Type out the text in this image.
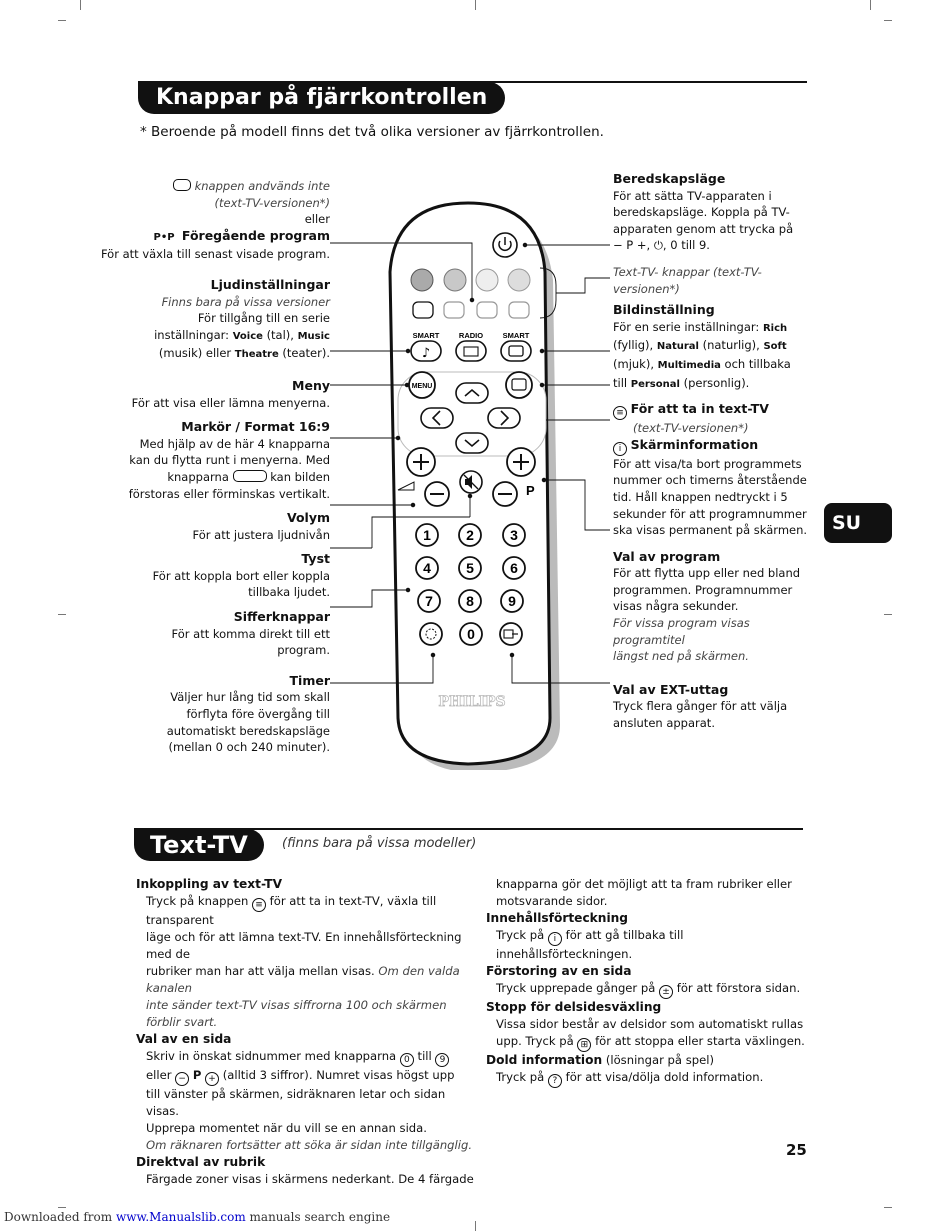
Knappar på fjärrkontrollen
* Beroende på modell finns det två olika versioner av fjärrkontrollen.
knappen andvänds inte
(text-TV-versionen*)
eller
P•P Föregående program
För att växla till senast visade program.
Ljudinställningar
Finns bara på vissa versioner
För tillgång till en serie
inställningar: Voice (tal), Music
(musik) eller Theatre (teater).
Meny
För att visa eller lämna menyerna.
Markör / Format 16:9
Med hjälp av de här 4 knapparna
kan du flytta runt i menyerna. Med
knapparna	kan bilden
förstoras eller förminskas vertikalt.
Volym
För att justera ljudnivån
Tyst
För att koppla bort eller koppla
tillbaka ljudet.
Sifferknappar
För att komma direkt till ett
program.
Timer
Väljer hur lång tid som skall
förflyta före övergång till
automatiskt beredskapsläge
(mellan 0 och 240 minuter).
Beredskapsläge
För att sätta TV-apparaten i
beredskapsläge. Koppla på TV-
apparaten genom att trycka på
− P +, ⏻, 0 till 9.
Text-TV- knappar (text-TV-versionen*)
Bildinställning
För en serie inställningar: Rich
(fyllig), Natural (naturlig), Soft
(mjuk), Multimedia och tillbaka
till Personal (personlig).
≡ För att ta in text-TV
(text-TV-versionen*)
i Skärminformation
För att visa/ta bort programmets
nummer och timerns återstående
tid. Håll knappen nedtryckt i 5
sekunder för att programnummer
ska visas permanent på skärmen.
Val av program
För att flytta upp eller ned bland
programmen. Programnummer
visas några sekunder.
För vissa program visas programtitel
längst ned på skärmen.
Val av EXT-uttag
Tryck flera gånger för att välja
ansluten apparat.
SMART	RADIO	SMART
♪
MENU
P
1	2	3
4	5	6
7 8 9
0
PHILIPS
SU
Text-TV	(finns bara på vissa modeller)
Inkoppling av text-TV
Tryck på knappen ≡ för att ta in text-TV, växla till transparent
läge och för att lämna text-TV. En innehållsförteckning med de
rubriker man har att välja mellan visas. Om den valda kanalen
inte sänder text-TV visas siffrorna 100 och skärmen förblir svart.
Val av en sida
Skriv in önskat sidnummer med knapparna 0 till 9
eller − P + (alltid 3 siffror). Numret visas högst upp
till vänster på skärmen, sidräknaren letar och sidan visas.
Upprepa momentet när du vill se en annan sida.
Om räknaren fortsätter att söka är sidan inte tillgänglig.
Direktval av rubrik
Färgade zoner visas i skärmens nederkant. De 4 färgade
knapparna gör det möjligt att ta fram rubriker eller
motsvarande sidor.
Innehållsförteckning
Tryck på i för att gå tillbaka till innehållsförteckningen.
Förstoring av en sida
Tryck upprepade gånger på ± för att förstora sidan.
Stopp för delsidesväxling
Vissa sidor består av delsidor som automatiskt rullas
upp. Tryck på ⊞ för att stoppa eller starta växlingen.
Dold information (lösningar på spel)
Tryck på ? för att visa/dölja dold information.
25
Downloaded from www.Manualslib.com manuals search engine
